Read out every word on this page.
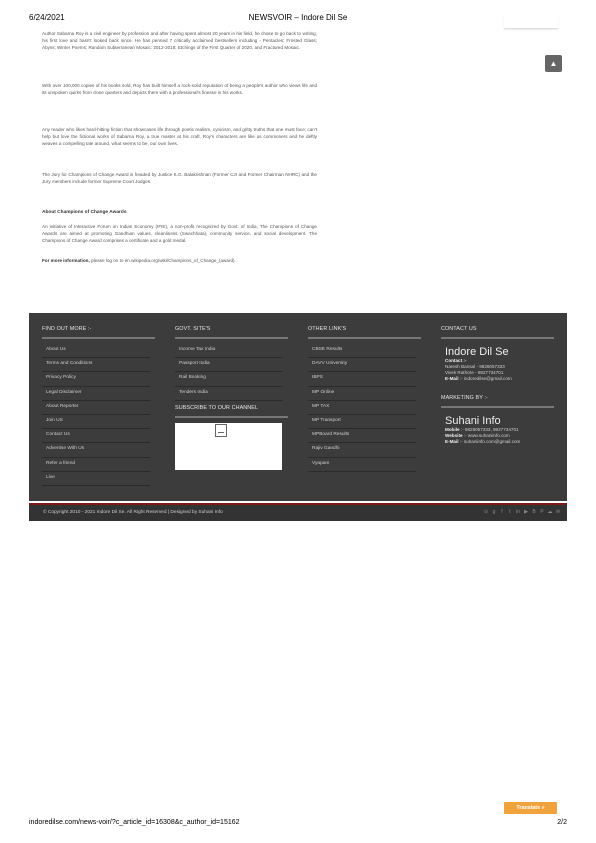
6/24/2021	NEWSVOIR – Indore Dil Se
▲

Author Sabarna Roy is a civil engineer by profession and after having spent almost 20 years in his field, he chose to go back to writing, his first love and hasn't looked back since. He has penned 7 critically acclaimed bestsellers including - Pentacles; Frosted Glass; Abyss; Winter Poems; Random Subterranean Mosaic: 2012-2018; Etchings of the First Quarter of 2020, and Fractured Mosaic.

With over 100,000 copies of his books sold, Roy has built himself a rock-solid reputation of being a people's author who views life and its unspoken quirks from close quarters and depicts them with a professional's finesse in his works.

Any reader who likes hard-hitting fiction that showcases life through poetic realism, cynicism, and gritty truths that one must face; can't help but love the fictional works of Sabarna Roy, a true master at his craft. Roy's characters are like us commoners and he deftly weaves a compelling tale around, what seems to be, our own lives.

The Jury for Champions of Change Award is headed by Justice K.G. Balakrishnan (Former CJI and Former Chairman NHRC) and the Jury members include former Supreme Court Judges.

About Champions of Change Awards

An initiative of Interactive Forum on Indian Economy (IFIE), a non-profit recognized by Govt. of India, The Champions of Change Awards are aimed at promoting Gandhian values, cleanliness (Swachhata), community service, and social development. The Champions of Change Award comprises a certificate and a gold medal.

For more information, please log on to en.wikipedia.org/wiki/Champions_of_Change_(award).

FIND OUT MORE :-
About Us
Terms and Conditions
Privacy Policy
Legal Disclaimer
About Reporter
Join US
Contact Us
Advertise With Us
Refer a friend
Live
GOVT. SITE'S
Income Tax India
Passport India
Rail Booking
Tenders India
SUBSCRIBE TO OUR CHANNEL
OTHER LINK'S
CBSE Results
DAVV University
IBPS
MP Online
MP TAX
MP Transport
MPBoard Results
Rajiv Gandhi
Vyapam
CONTACT US
Indore Dil Se
Contact :-
Naresh Bansal - 9826057333
Vivek Rathore - 9827734701
E-Mail :- indoredilse@gmail.com
MARKETING BY :-
Suhani Info
Mobile :- 9826057333, 9827734701
Website :- www.suhaniinfo.com
E-Mail :- suhaniinfo.com@gmail.com
© Copyright 2010 - 2021 Indore Dil Se. All Right Reserved | Designed by Suhani Info	⊙ g	f	t	in ▶ B P ☁ ✉
Translate »
indoredilse.com/news-voir/?c_article_id=16308&c_author_id=15162	2/2
